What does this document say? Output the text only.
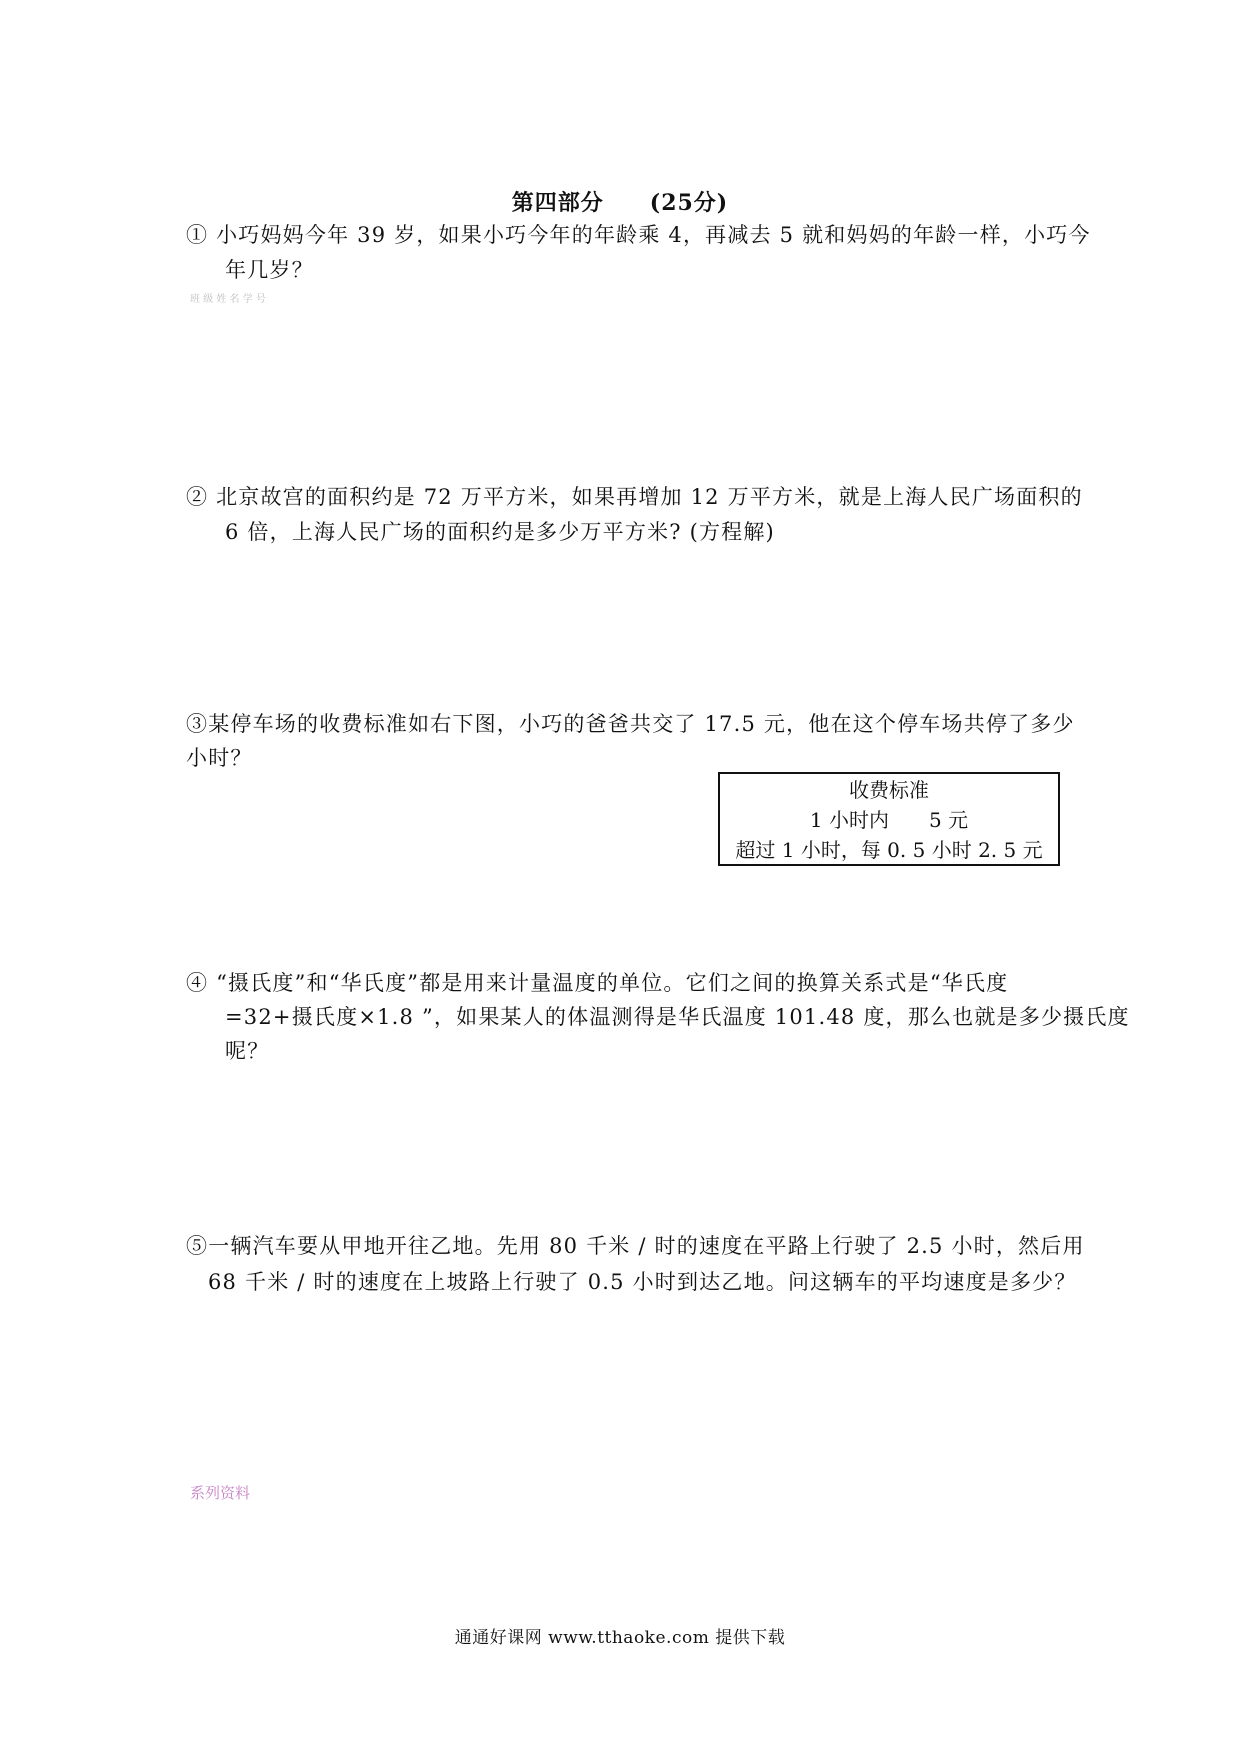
第四部分 (25分)
① 小巧妈妈今年 39 岁，如果小巧今年的年龄乘 4，再减去 5 就和妈妈的年龄一样，小巧今
年几岁？
班 级 姓 名 学 号
② 北京故宫的面积约是 72 万平方米，如果再增加 12 万平方米，就是上海人民广场面积的
6 倍，上海人民广场的面积约是多少万平方米? (方程解)
③某停车场的收费标准如右下图，小巧的爸爸共交了 17.5 元，他在这个停车场共停了多少
小时？
收费标准
1 小时内 5 元
超过 1 小时，每 0. 5 小时 2. 5 元
④ “摄氏度”和“华氏度”都是用来计量温度的单位。它们之间的换算关系式是“华氏度
=32+摄氏度×1.8 ”，如果某人的体温测得是华氏温度 101.48 度，那么也就是多少摄氏度
呢？
⑤一辆汽车要从甲地开往乙地。先用 80 千米 / 时的速度在平路上行驶了 2.5 小时，然后用
68 千米 / 时的速度在上坡路上行驶了 0.5 小时到达乙地。问这辆车的平均速度是多少？
系列资料
通通好课网 www.tthaoke.com 提供下载
